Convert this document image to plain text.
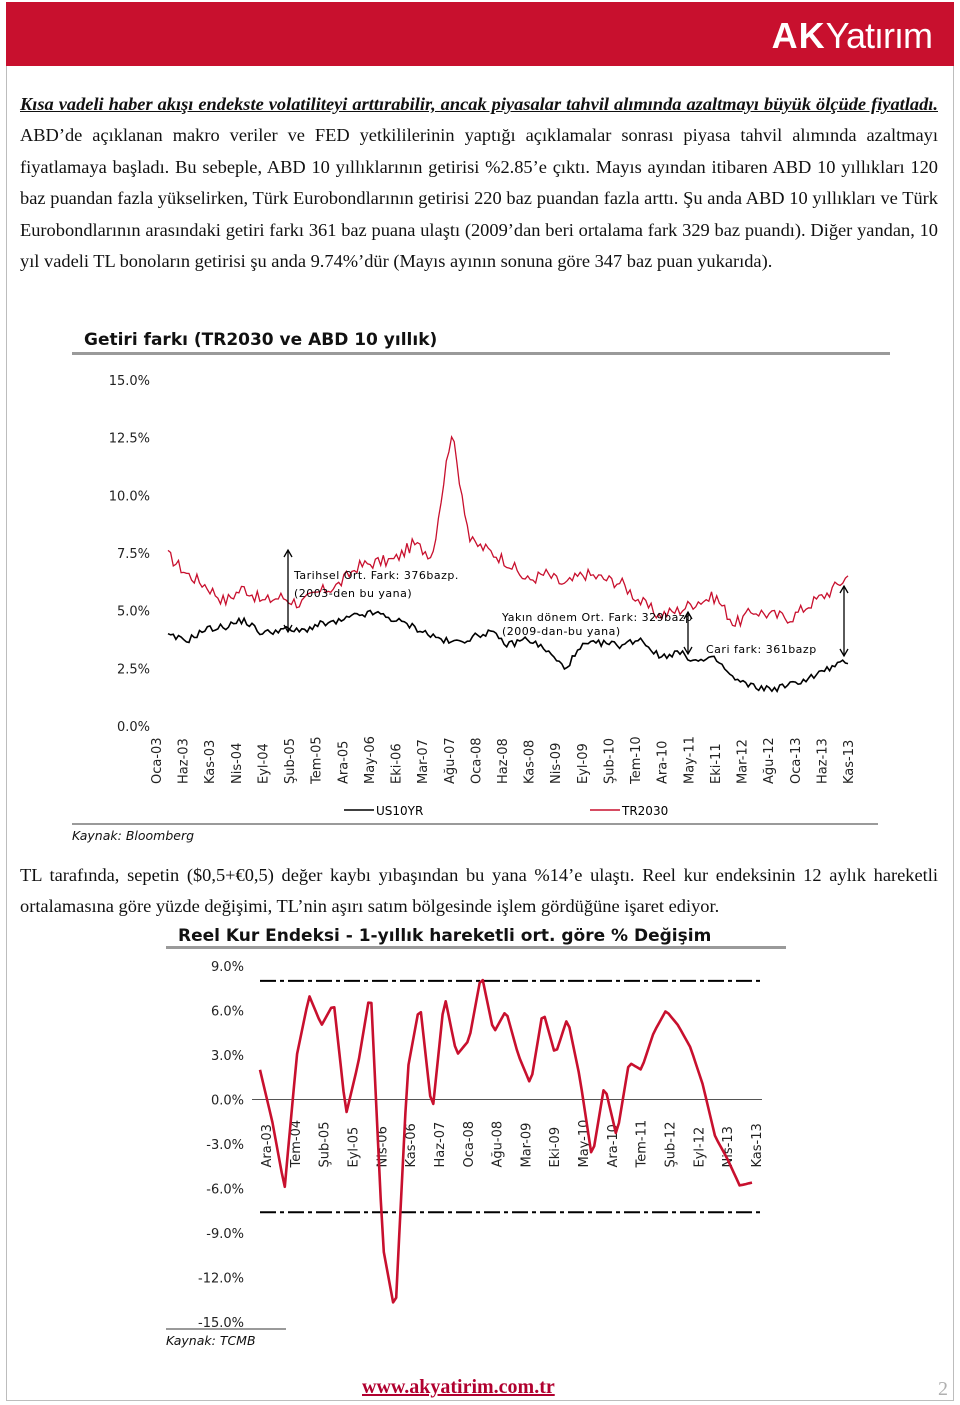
AKYatırım

Kısa vadeli haber akışı endekste volatiliteyi arttırabilir, ancak piyasalar tahvil alımında azaltmayı büyük ölçüde fiyatladı. ABD’de açıklanan makro veriler ve FED yetkililerinin yaptığı açıklamalar sonrası piyasa tahvil alımında azaltmayı fiyatlamaya başladı. Bu sebeple, ABD 10 yıllıklarının getirisi %2.85’e çıktı. Mayıs ayından itibaren ABD 10 yıllıkları 120 baz puandan fazla yükselirken, Türk Eurobondlarının getirisi 220 baz puandan fazla arttı. Şu anda ABD 10 yıllıkları ve Türk Eurobondlarının arasındaki getiri farkı 361 baz puana ulaştı (2009’dan beri ortalama fark 329 baz puandı). Diğer yandan, 10 yıl vadeli TL bonoların getirisi şu anda 9.74%’dür (Mayıs ayının sonuna göre 347 baz puan yukarıda).

Getiri farkı (TR2030 ve ABD 10 yıllık)
15.0%
12.5%
10.0%
7.5%
5.0%
2.5%
0.0%
Oca-03 Haz-03 Kas-03 Nis-04 Eyl-04 Şub-05 Tem-05 Ara-05 May-06 Eki-06 Mar-07 Ağu-07 Oca-08 Haz-08 Kas-08 Nis-09 Eyl-09 Şub-10 Tem-10 Ara-10 May-11 Eki-11 Mar-12 Ağu-12 Oca-13 Haz-13 Kas-13
Tarihsel Ort. Fark: 376bazp.
(2003-den bu yana)
Yakın dönem Ort. Fark: 329bazp
(2009-dan-bu yana)
Cari fark: 361bazp
US10YR	TR2030
Kaynak: Bloomberg

TL tarafında, sepetin ($0,5+€0,5) değer kaybı yıbaşından bu yana %14’e ulaştı. Reel kur endeksinin 12 aylık hareketli ortalamasına göre yüzde değişimi, TL’nin aşırı satım bölgesinde işlem gördüğüne işaret ediyor.

Reel Kur Endeksi - 1-yıllık hareketli ort. göre % Değişim
9.0%
6.0%
3.0%
0.0%
-3.0%
-6.0%
-9.0%
-12.0%
-15.0%
Ara-03 Tem-04 Şub-05 Eyl-05 Nis-06 Kas-06 Haz-07 Oca-08 Ağu-08 Mar-09 Eki-09 May-10 Ara-10 Tem-11 Şub-12 Eyl-12 Nis-13 Kas-13
Kaynak: TCMB
www.akyatirim.com.tr	2
